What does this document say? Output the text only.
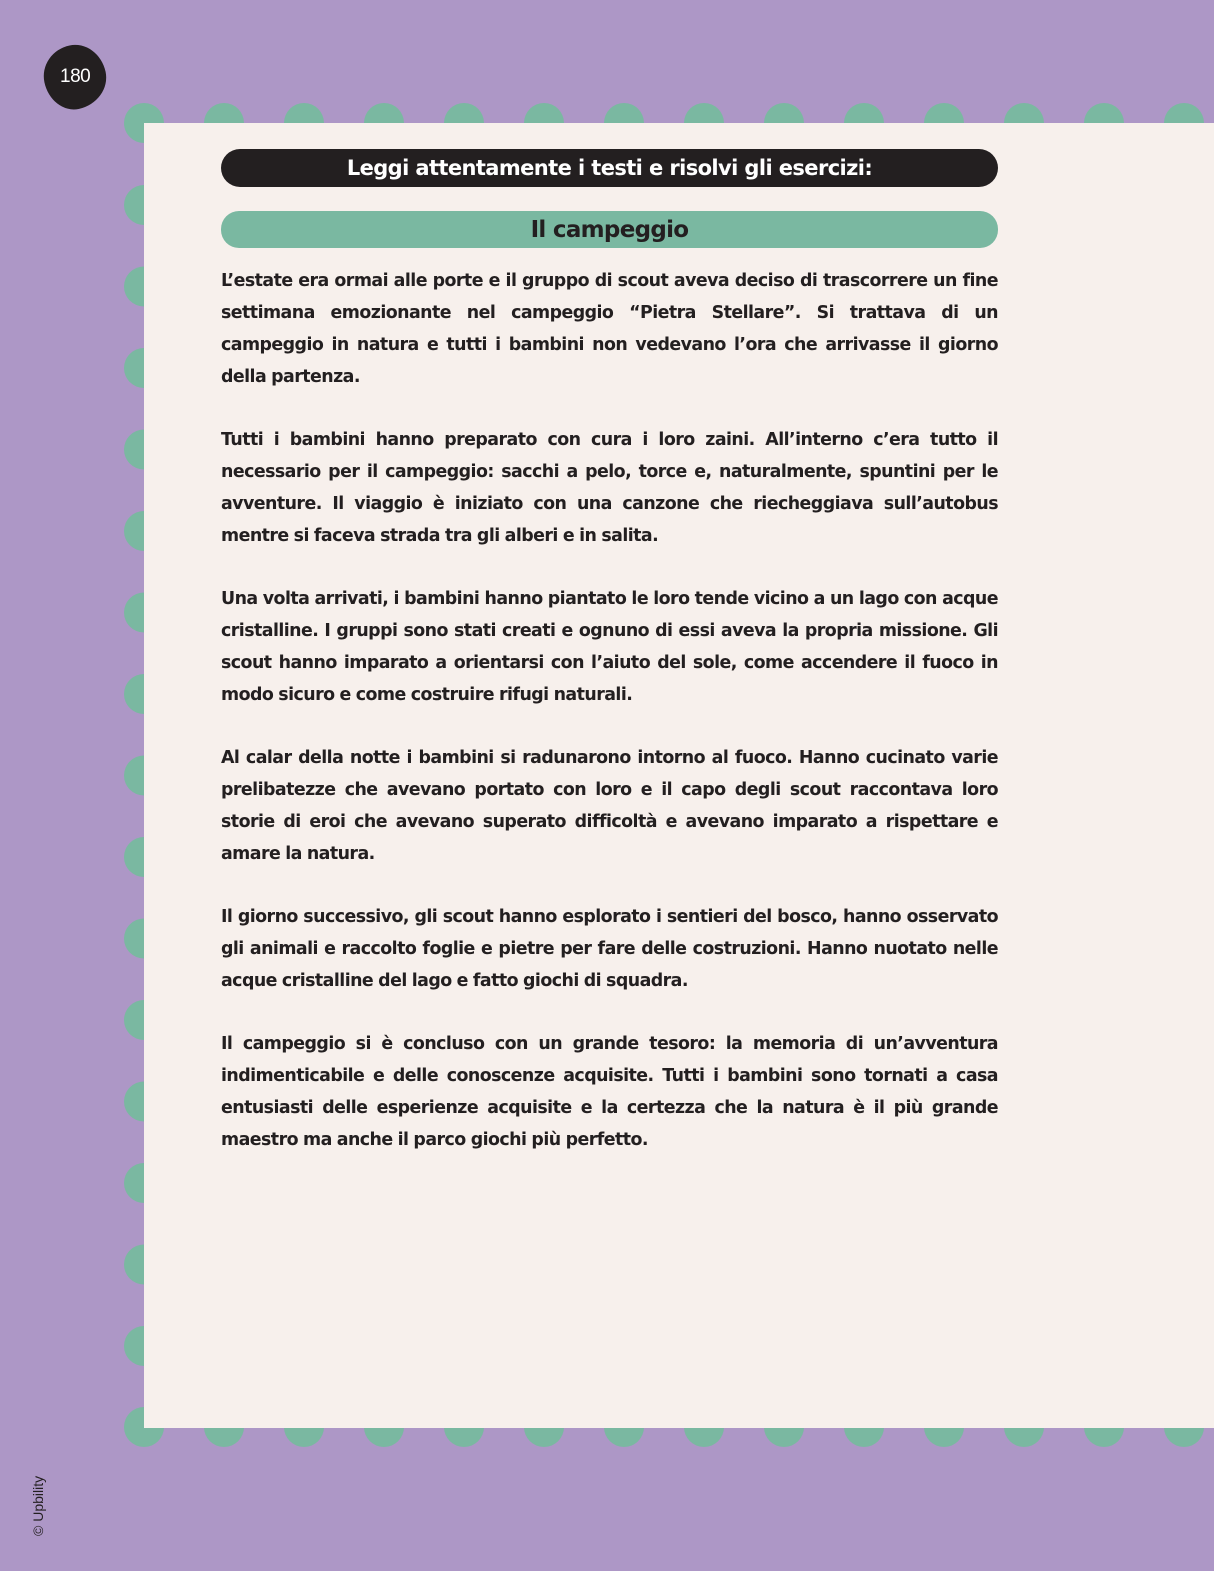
180
Leggi attentamente i testi e risolvi gli esercizi:
Il campeggio

L’estate era ormai alle porte e il gruppo di scout aveva deciso di trascorrere un fine settimana emozionante nel campeggio “Pietra Stellare”. Si trattava di un campeggio in natura e tutti i bambini non vedevano l’ora che arrivasse il giorno della partenza.

Tutti i bambini hanno preparato con cura i loro zaini. All’interno c’era tutto il necessario per il campeggio: sacchi a pelo, torce e, naturalmente, spuntini per le avventure. Il viaggio è iniziato con una canzone che riecheggiava sull’autobus mentre si faceva strada tra gli alberi e in salita.

Una volta arrivati, i bambini hanno piantato le loro tende vicino a un lago con acque cristalline. I gruppi sono stati creati e ognuno di essi aveva la propria missione. Gli scout hanno imparato a orientarsi con l’aiuto del sole, come accendere il fuoco in modo sicuro e come costruire rifugi naturali.

Al calar della notte i bambini si radunarono intorno al fuoco. Hanno cucinato varie prelibatezze che avevano portato con loro e il capo degli scout raccontava loro storie di eroi che avevano superato difficoltà e avevano imparato a rispettare e amare la natura.

Il giorno successivo, gli scout hanno esplorato i sentieri del bosco, hanno osservato gli animali e raccolto foglie e pietre per fare delle costruzioni. Hanno nuotato nelle acque cristalline del lago e fatto giochi di squadra.

Il campeggio si è concluso con un grande tesoro: la memoria di un’avventura indimenticabile e delle conoscenze acquisite. Tutti i bambini sono tornati a casa entusiasti delle esperienze acquisite e la certezza che la natura è il più grande maestro ma anche il parco giochi più perfetto.

© Upbility
